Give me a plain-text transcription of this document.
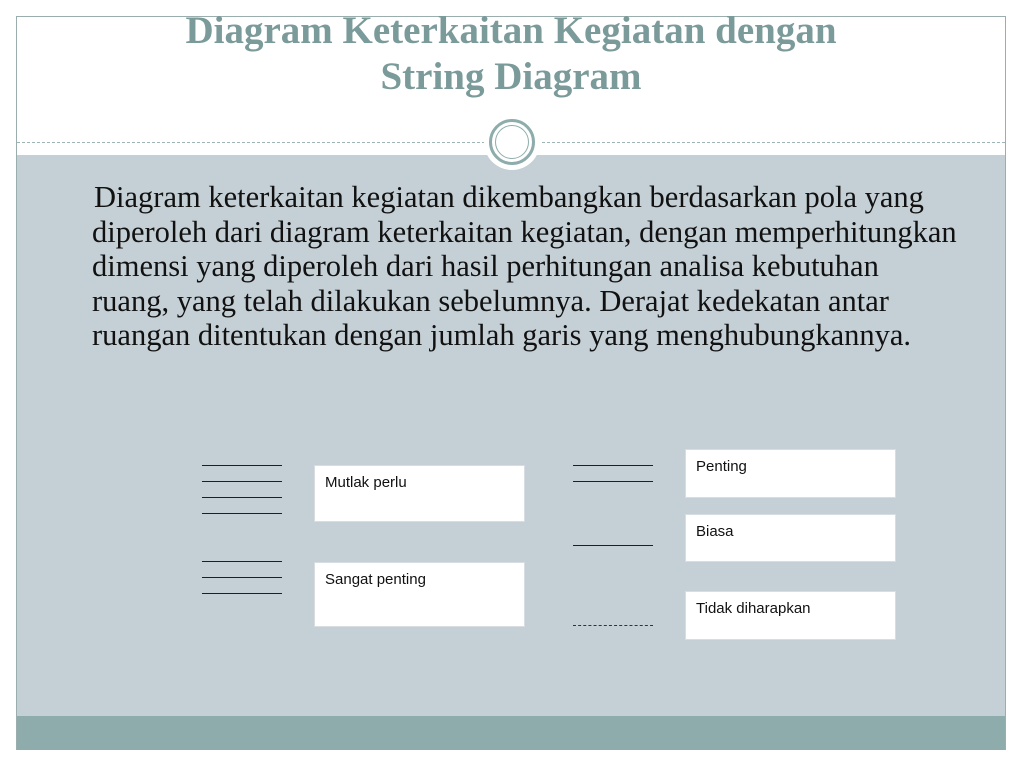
Diagram Keterkaitan Kegiatan dengan
String Diagram

Diagram keterkaitan kegiatan dikembangkan berdasarkan pola yang diperoleh dari diagram keterkaitan kegiatan, dengan memperhitungkan dimensi yang diperoleh dari hasil perhitungan analisa kebutuhan ruang, yang telah dilakukan sebelumnya. Derajat kedekatan antar ruangan ditentukan dengan jumlah garis yang menghubungkannya.

Mutlak perlu
Sangat penting
Penting
Biasa
Tidak diharapkan
